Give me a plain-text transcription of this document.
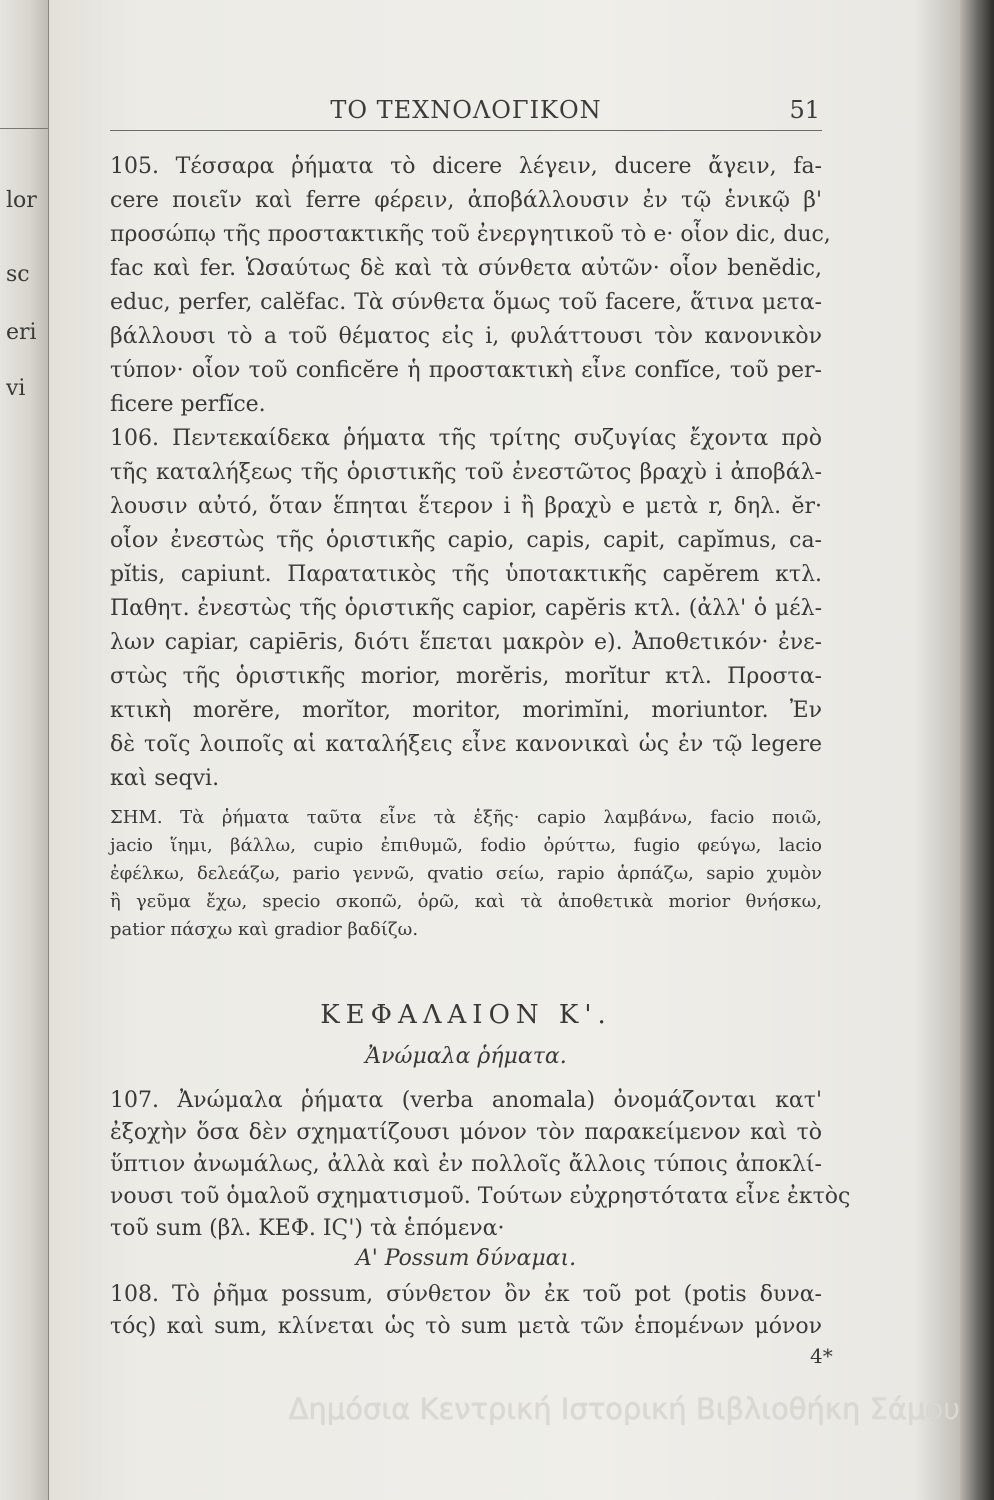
lor
sc
eri
vi
ΤΟ ΤΕΧΝΟΛΟΓΙΚΟΝ	51
105. Τέσσαρα ῥήματα τὸ dicere λέγειν, ducere ἄγειν, fa-
cere ποιεῖν καὶ ferre φέρειν, ἀποβάλλουσιν ἐν τῷ ἑνικῷ β'
προσώπῳ τῆς προστακτικῆς τοῦ ἐνεργητικοῦ τὸ e· οἷον dic, duc,
fac καὶ fer. Ὡσαύτως δὲ καὶ τὰ σύνθετα αὐτῶν· οἷον benĕdic,
educ, perfer, calĕfac. Τὰ σύνθετα ὅμως τοῦ facere, ἅτινα μετα-
βάλλουσι τὸ a τοῦ θέματος εἰς i, φυλάττουσι τὸν κανονικὸν
τύπον· οἷον τοῦ conficĕre ἡ προστακτικὴ εἶνε confĭce, τοῦ per-
ficere perfĭce.
106. Πεντεκαίδεκα ῥήματα τῆς τρίτης συζυγίας ἔχοντα πρὸ
τῆς καταλήξεως τῆς ὁριστικῆς τοῦ ἐνεστῶτος βραχὺ i ἀποβάλ-
λουσιν αὐτό, ὅταν ἕπηται ἕτερον i ἢ βραχὺ e μετὰ r, δηλ. ĕr·
οἷον ἐνεστὼς τῆς ὁριστικῆς capio, capis, capit, capĭmus, ca-
pĭtis, capiunt. Παρατατικὸς τῆς ὑποτακτικῆς capĕrem κτλ.
Παθητ. ἐνεστὼς τῆς ὁριστικῆς capior, capĕris κτλ. (ἀλλ' ὁ μέλ-
λων capiar, capiēris, διότι ἕπεται μακρὸν e). Ἀποθετικόν· ἐνε-
στὼς τῆς ὁριστικῆς morior, morĕris, morĭtur κτλ. Προστα-
κτικὴ morĕre, morĭtor, moritor, morimĭni, moriuntor. Ἐν
δὲ τοῖς λοιποῖς αἱ καταλήξεις εἶνε κανονικαὶ ὡς ἐν τῷ legere
καὶ seqvi.
ΣΗΜ. Τὰ ῥήματα ταῦτα εἶνε τὰ ἑξῆς· capio λαμβάνω, facio ποιῶ,
jacio ἵημι, βάλλω, cupio ἐπιθυμῶ, fodio ὀρύττω, fugio φεύγω, lacio
ἐφέλκω, δελεάζω, pario γεννῶ, qvatio σείω, rapio ἁρπάζω, sapio χυμὸν
ἢ γεῦμα ἔχω, specio σκοπῶ, ὁρῶ, καὶ τὰ ἀποθετικὰ morior θνήσκω,
patior πάσχω καὶ gradior βαδίζω.
ΚΕΦΑΛΑΙΟΝ Κ'.
Ἀνώμαλα ῥήματα.
107. Ἀνώμαλα ῥήματα (verba anomala) ὀνομάζονται κατ'
ἐξοχὴν ὅσα δὲν σχηματίζουσι μόνον τὸν παρακείμενον καὶ τὸ
ὕπτιον ἀνωμάλως, ἀλλὰ καὶ ἐν πολλοῖς ἄλλοις τύποις ἀποκλί-
νουσι τοῦ ὁμαλοῦ σχηματισμοῦ. Τούτων εὐχρηστότατα εἶνε ἐκτὸς
τοῦ sum (βλ. ΚΕΦ. ΙϚ') τὰ ἑπόμενα·
Α' Possum δύναμαι.
108. Τὸ ῥῆμα possum, σύνθετον ὂν ἐκ τοῦ pot (potis δυνα-
τός) καὶ sum, κλίνεται ὡς τὸ sum μετὰ τῶν ἑπομένων μόνον
4*
Δημόσια Κεντρική Ιστορική Βιβλιοθήκη Σάμου
